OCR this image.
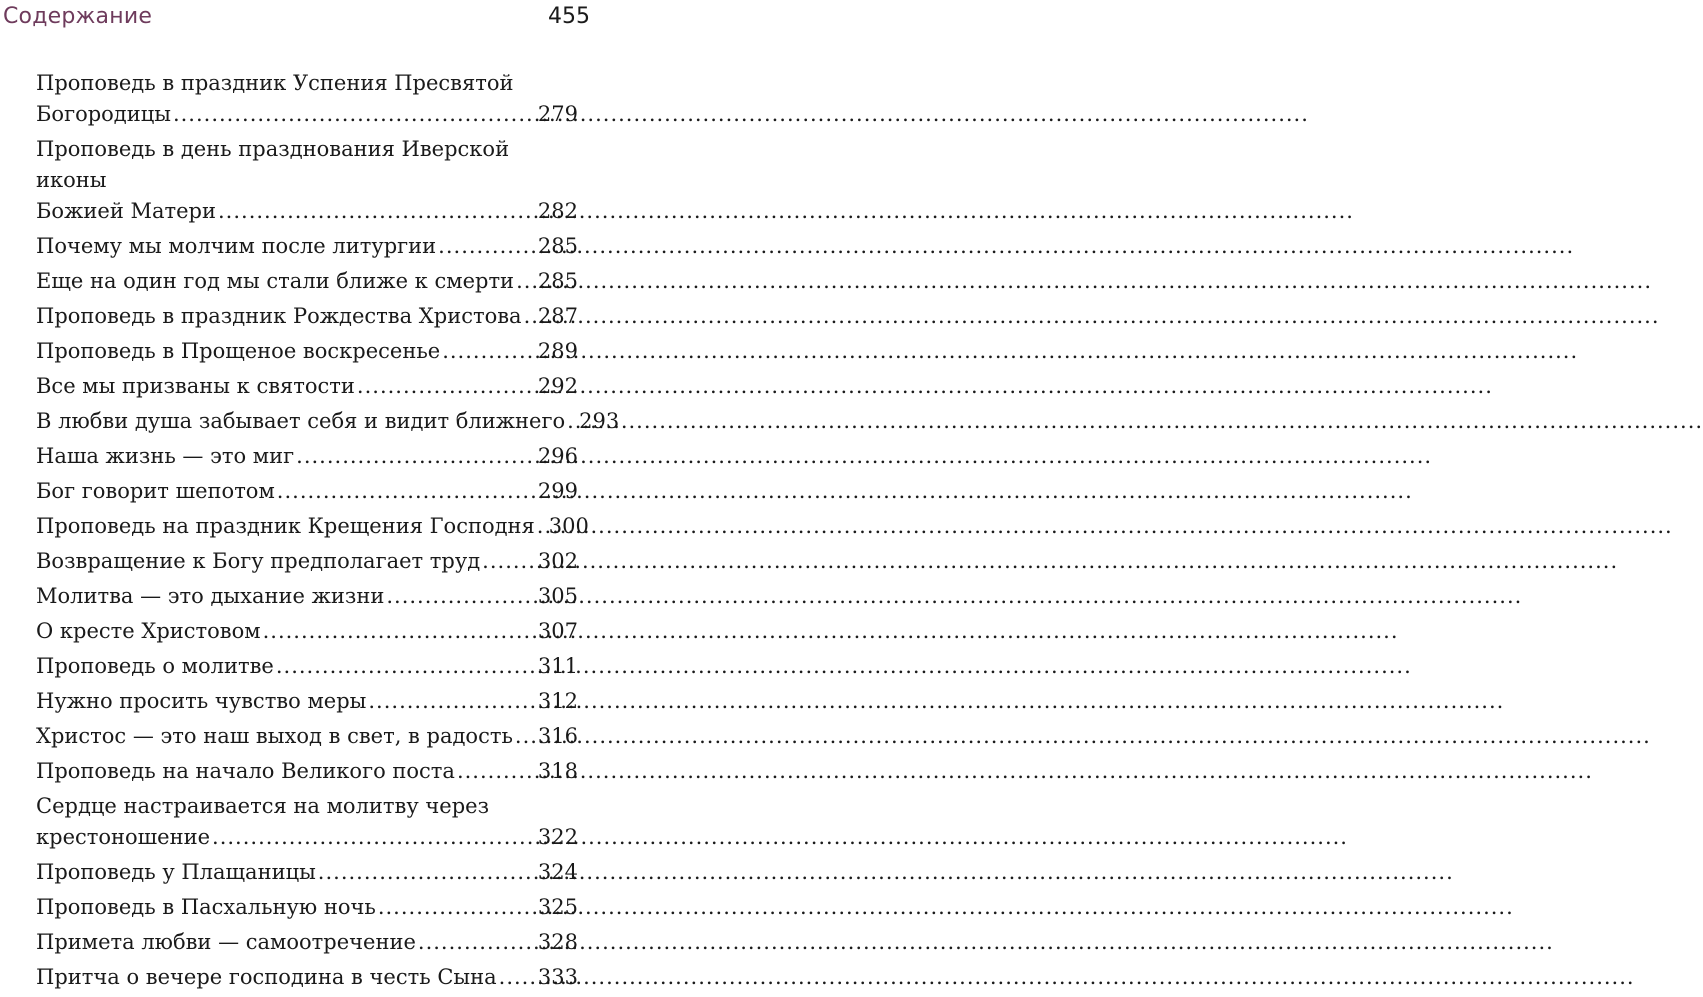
Содержание	455
Проповедь в праздник Успения Пресвятой
Богородицы .....	279
Проповедь в день празднования Иверской иконы
Божией Матери .....	282
Почему мы молчим после литургии .....	285
Еще на один год мы стали ближе к смерти ..... 285
Проповедь в праздник Рождества Христова ..... 287
Проповедь в Прощеное воскресенье .....	289
Все мы призваны к святости .....	292
В любви душа забывает себя и видит ближнего ..... 293
Наша жизнь — это миг .....	296
Бог говорит шепотом .....	299
Проповедь на праздник Крещения Господня ..... 300
Возвращение к Богу предполагает труд .....	302
Молитва — это дыхание жизни .....	305
О кресте Христовом .....	307
Проповедь о молитве .....	311
Нужно просить чувство меры .....	312
Христос — это наш выход в свет, в радость ..... 316
Проповедь на начало Великого поста .....	318
Сердце настраивается на молитву через
крестоношение .....	322
Проповедь у Плащаницы .....	324
Проповедь в Пасхальную ночь .....	325
Примета любви — самоотречение .....	328
Притча о вечере господина в честь Сына ..... 333
